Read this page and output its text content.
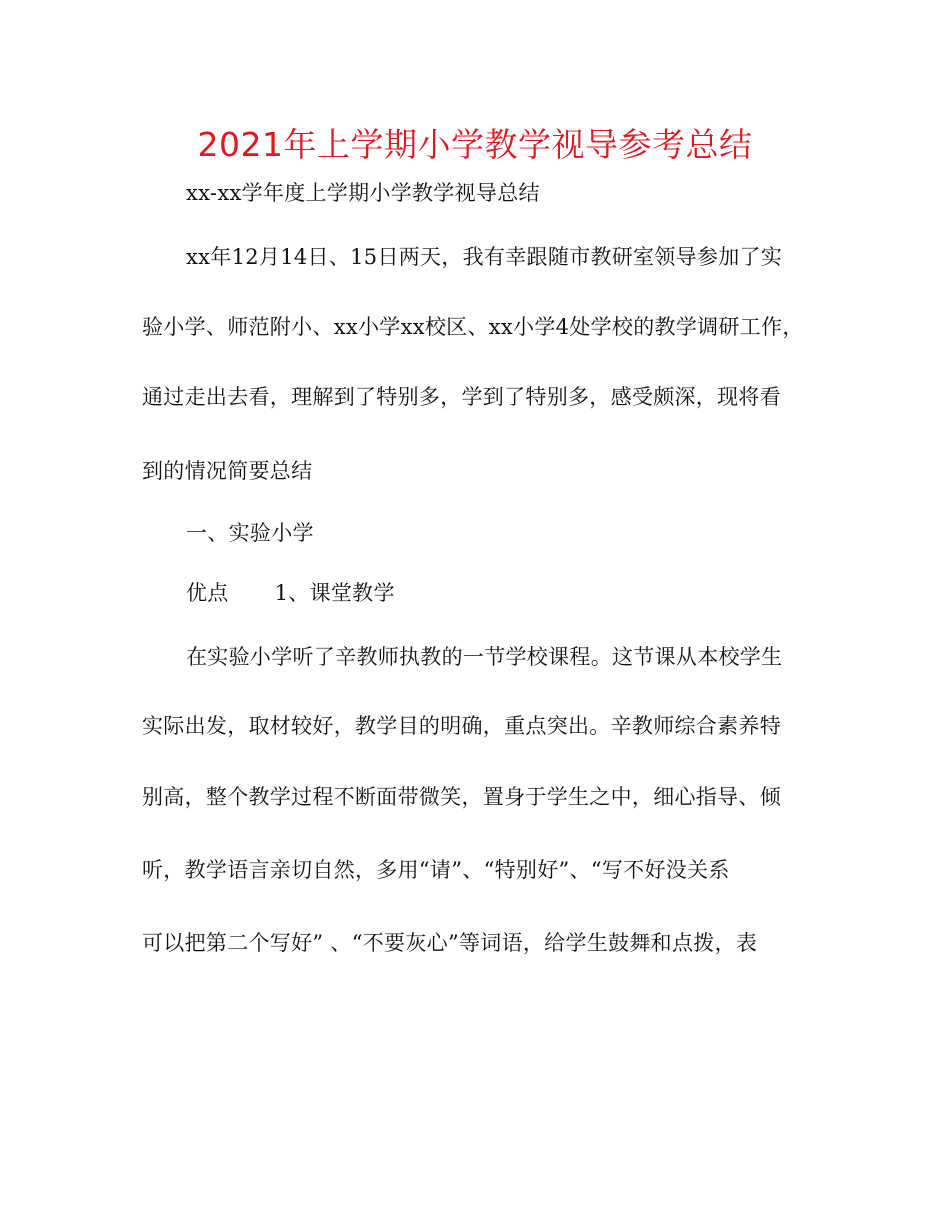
2021年上学期小学教学视导参考总结
xx-xx学年度上学期小学教学视导总结
xx年12月14日、15日两天，我有幸跟随市教研室领导参加了实
验小学、师范附小、xx小学xx校区、xx小学4处学校的教学调研工作，
通过走出去看，理解到了特别多，学到了特别多，感受颇深，现将看
到的情况简要总结
一、实验小学
优点 1、课堂教学
在实验小学听了辛教师执教的一节学校课程。这节课从本校学生
实际出发，取材较好，教学目的明确，重点突出。辛教师综合素养特
别高，整个教学过程不断面带微笑，置身于学生之中，细心指导、倾
听，教学语言亲切自然，多用“请”、“特别好”、“写不好没关系
可以把第二个写好” 、“不要灰心”等词语，给学生鼓舞和点拨，表
